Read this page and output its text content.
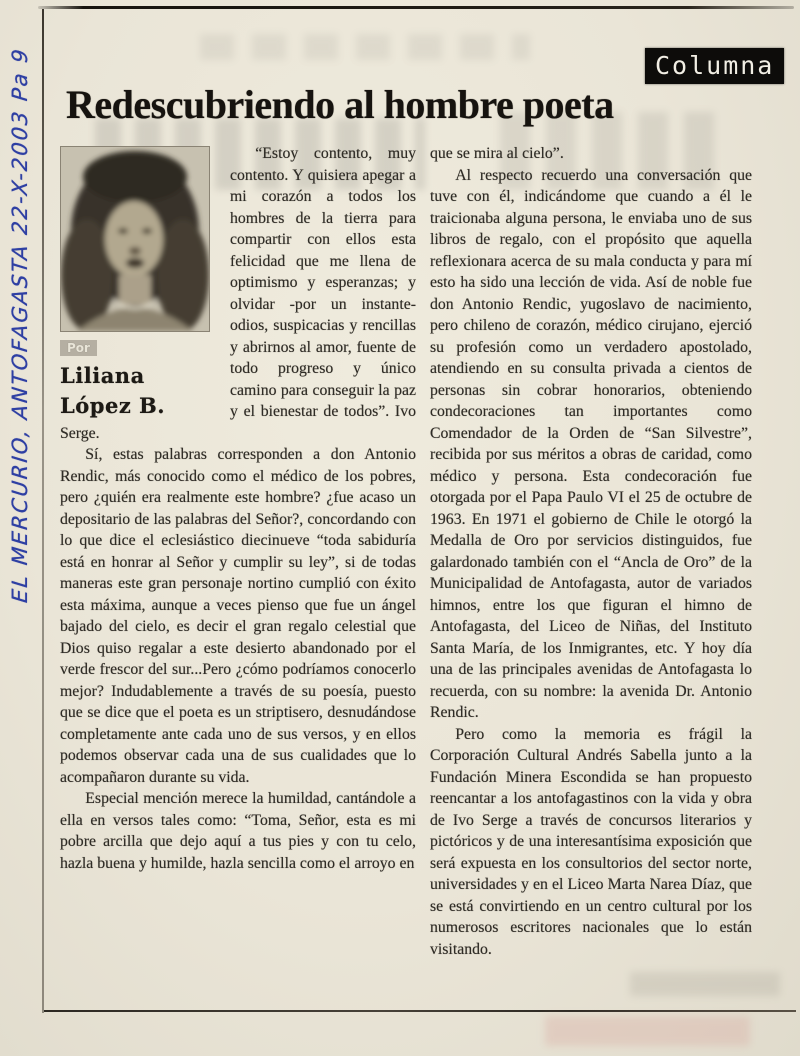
EL MERCURIO, ANTOFAGASTA 22-X-2003 Pa 9	Columna
Redescubriendo al hombre poeta
Por
Liliana
López B.

“Estoy contento, muy contento. Y quisiera apegar a mi corazón a todos los hombres de la tierra para compartir con ellos esta felicidad que me llena de optimismo y esperanzas; y olvidar -por un instante- odios, suspicacias y rencillas y abrirnos al amor, fuente de todo progreso y único camino para conseguir la paz y el bienestar de todos”. Ivo Serge.

Sí, estas palabras corresponden a don Antonio Rendic, más conocido como el médico de los pobres, pero ¿quién era realmente este hombre? ¿fue acaso un depositario de las palabras del Señor?, concordando con lo que dice el eclesiástico diecinueve “toda sabiduría está en honrar al Señor y cumplir su ley”, si de todas maneras este gran personaje nortino cumplió con éxito esta máxima, aunque a veces pienso que fue un ángel bajado del cielo, es decir el gran regalo celestial que Dios quiso regalar a este desierto abandonado por el verde frescor del sur...Pero ¿cómo podríamos conocerlo mejor? Indudablemente a través de su poesía, puesto que se dice que el poeta es un striptisero, desnudándose completamente ante cada uno de sus versos, y en ellos podemos observar cada una de sus cualidades que lo acompañaron durante su vida.

Especial mención merece la humildad, cantándole a ella en versos tales como: “Toma, Señor, esta es mi pobre arcilla que dejo aquí a tus pies y con tu celo, hazla buena y humilde, hazla sencilla como el arroyo en

que se mira al cielo”.

Al respecto recuerdo una conversación que tuve con él, indicándome que cuando a él le traicionaba alguna persona, le enviaba uno de sus libros de regalo, con el propósito que aquella reflexionara acerca de su mala conducta y para mí esto ha sido una lección de vida. Así de noble fue don Antonio Rendic, yugoslavo de nacimiento, pero chileno de corazón, médico cirujano, ejerció su profesión como un verdadero apostolado, atendiendo en su consulta privada a cientos de personas sin cobrar honorarios, obteniendo condecoraciones tan importantes como Comendador de la Orden de “San Silvestre”, recibida por sus méritos a obras de caridad, como médico y persona. Esta condecoración fue otorgada por el Papa Paulo VI el 25 de octubre de 1963. En 1971 el gobierno de Chile le otorgó la Medalla de Oro por servicios distinguidos, fue galardonado también con el “Ancla de Oro” de la Municipalidad de Antofagasta, autor de variados himnos, entre los que figuran el himno de Antofagasta, del Liceo de Niñas, del Instituto Santa María, de los Inmigrantes, etc. Y hoy día una de las principales avenidas de Antofagasta lo recuerda, con su nombre: la avenida Dr. Antonio Rendic.

Pero como la memoria es frágil la Corporación Cultural Andrés Sabella junto a la Fundación Minera Escondida se han propuesto reencantar a los antofagastinos con la vida y obra de Ivo Serge a través de concursos literarios y pictóricos y de una interesantísima exposición que será expuesta en los consultorios del sector norte, universidades y en el Liceo Marta Narea Díaz, que se está convirtiendo en un centro cultural por los numerosos escritores nacionales que lo están visitando.
